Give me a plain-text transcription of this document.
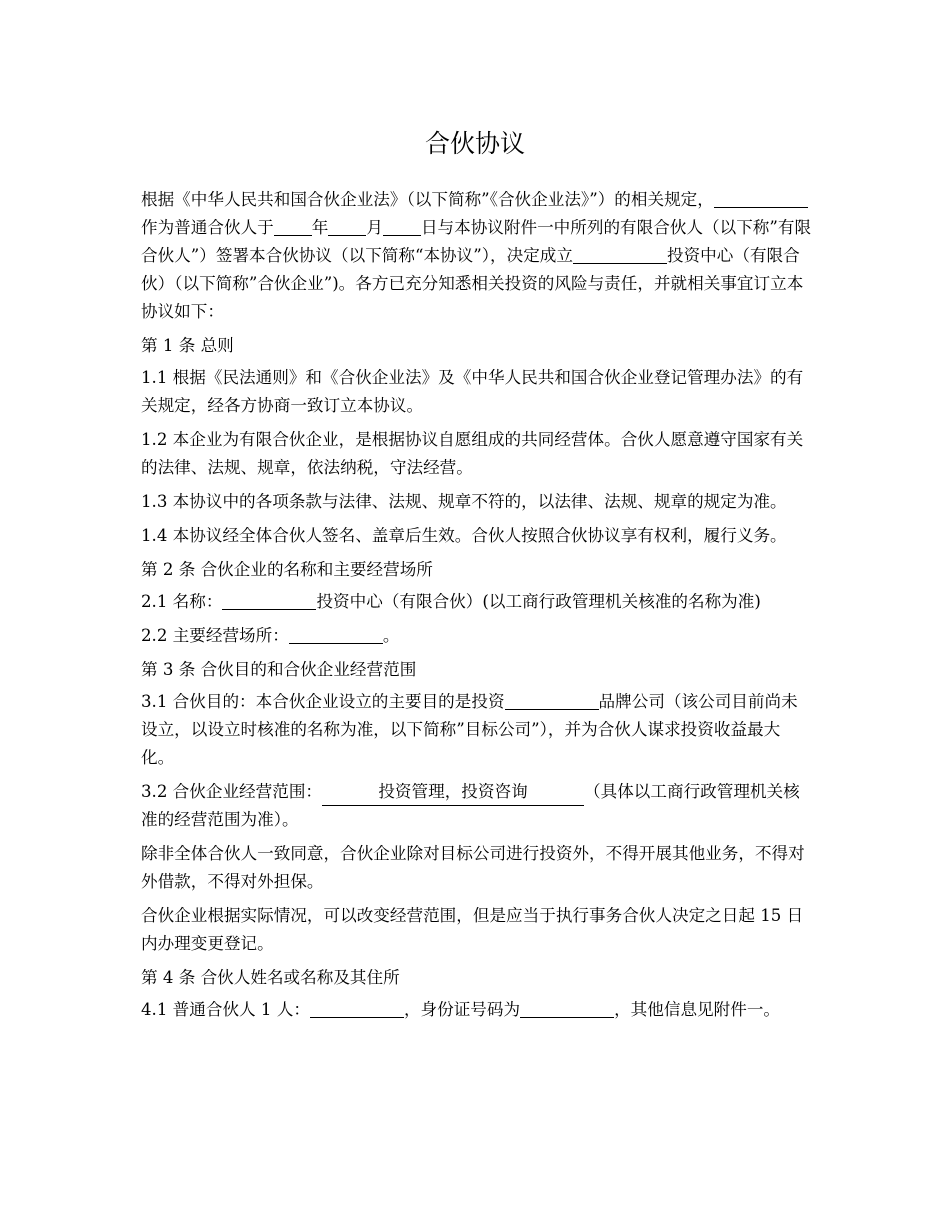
合伙协议

根据《中华人民共和国合伙企业法》（以下简称”《合伙企业法》”）的相关规定，作为普通合伙人于 年 月 日与本协议附件一中所列的有限合伙人（以下称”有限合伙人”）签署本合伙协议（以下简称“本协议”），决定成立	投资中心（有限合伙）（以下简称”合伙企业”)。各方已充分知悉相关投资的风险与责任，并就相关事宜订立本协议如下：

第 1 条 总则

1.1 根据《民法通则》和《合伙企业法》及《中华人民共和国合伙企业登记管理办法》的有关规定，经各方协商一致订立本协议。

1.2 本企业为有限合伙企业，是根据协议自愿组成的共同经营体。合伙人愿意遵守国家有关的法律、法规、规章，依法纳税，守法经营。

1.3 本协议中的各项条款与法律、法规、规章不符的，以法律、法规、规章的规定为准。

1.4 本协议经全体合伙人签名、盖章后生效。合伙人按照合伙协议享有权利，履行义务。

第 2 条 合伙企业的名称和主要经营场所

2.1 名称：	投资中心（有限合伙）(以工商行政管理机关核准的名称为准)

2.2 主要经营场所：	。

第 3 条 合伙目的和合伙企业经营范围

3.1 合伙目的：本合伙企业设立的主要目的是投资	品牌公司（该公司目前尚未设立，以设立时核准的名称为准，以下简称”目标公司”），并为合伙人谋求投资收益最大化。

3.2 合伙企业经营范围：	投资管理，投资咨询	（具体以工商行政管理机关核准的经营范围为准）。

除非全体合伙人一致同意，合伙企业除对目标公司进行投资外，不得开展其他业务，不得对外借款，不得对外担保。

合伙企业根据实际情况，可以改变经营范围，但是应当于执行事务合伙人决定之日起 15 日内办理变更登记。

第 4 条 合伙人姓名或名称及其住所

4.1 普通合伙人 1 人：	，身份证号码为	，其他信息见附件一。
